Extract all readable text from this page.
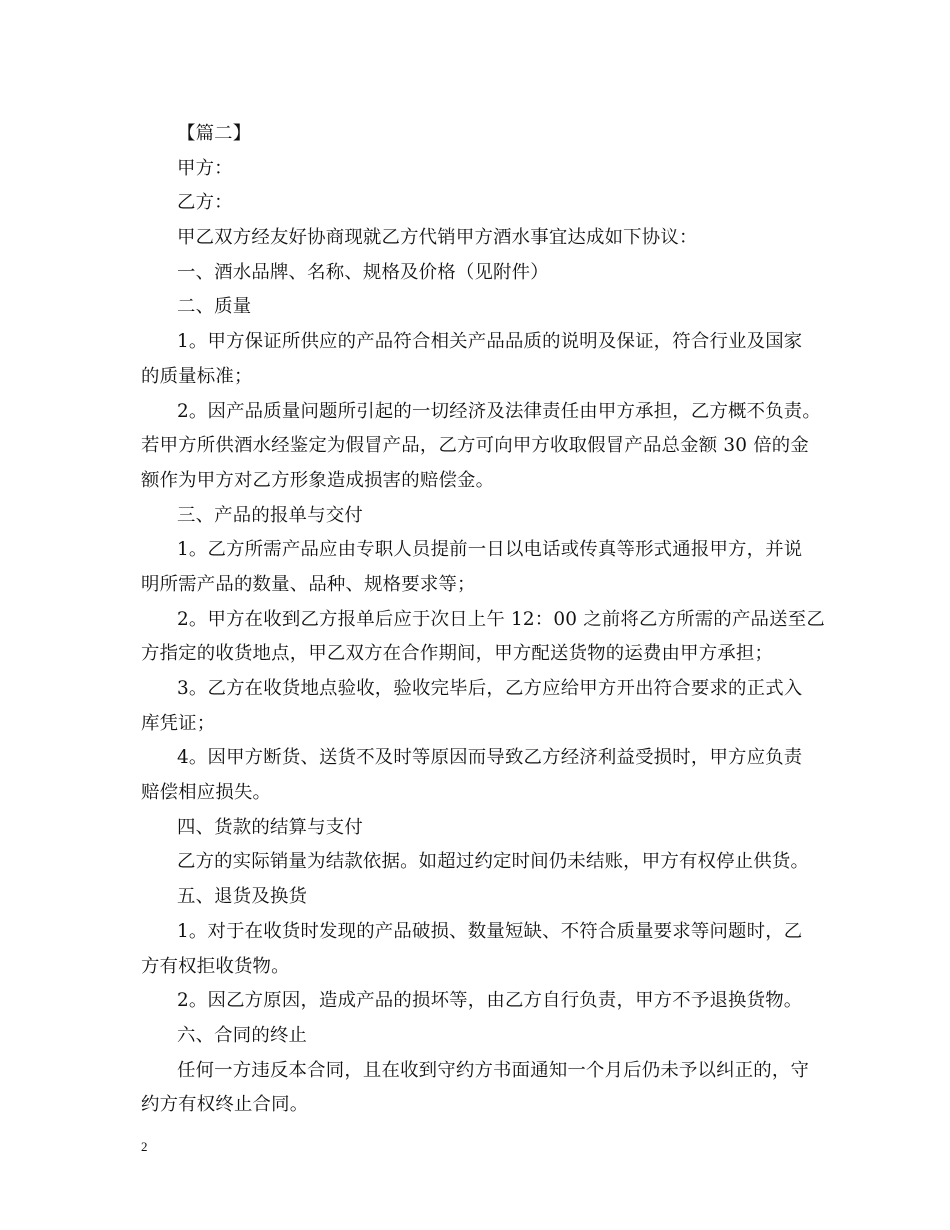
【篇二】
甲方：
乙方：
甲乙双方经友好协商现就乙方代销甲方酒水事宜达成如下协议：
一、酒水品牌、名称、规格及价格（见附件）
二、质量
1。甲方保证所供应的产品符合相关产品品质的说明及保证，符合行业及国家
的质量标准；
2。因产品质量问题所引起的一切经济及法律责任由甲方承担，乙方概不负责。
若甲方所供酒水经鉴定为假冒产品，乙方可向甲方收取假冒产品总金额 30 倍的金
额作为甲方对乙方形象造成损害的赔偿金。
三、产品的报单与交付
1。乙方所需产品应由专职人员提前一日以电话或传真等形式通报甲方，并说
明所需产品的数量、品种、规格要求等；
2。甲方在收到乙方报单后应于次日上午 12：00 之前将乙方所需的产品送至乙
方指定的收货地点，甲乙双方在合作期间，甲方配送货物的运费由甲方承担；
3。乙方在收货地点验收，验收完毕后，乙方应给甲方开出符合要求的正式入
库凭证；
4。因甲方断货、送货不及时等原因而导致乙方经济利益受损时，甲方应负责
赔偿相应损失。
四、货款的结算与支付
乙方的实际销量为结款依据。如超过约定时间仍未结账，甲方有权停止供货。
五、退货及换货
1。对于在收货时发现的产品破损、数量短缺、不符合质量要求等问题时，乙
方有权拒收货物。
2。因乙方原因，造成产品的损坏等，由乙方自行负责，甲方不予退换货物。
六、合同的终止
任何一方违反本合同，且在收到守约方书面通知一个月后仍未予以纠正的，守
约方有权终止合同。
2
